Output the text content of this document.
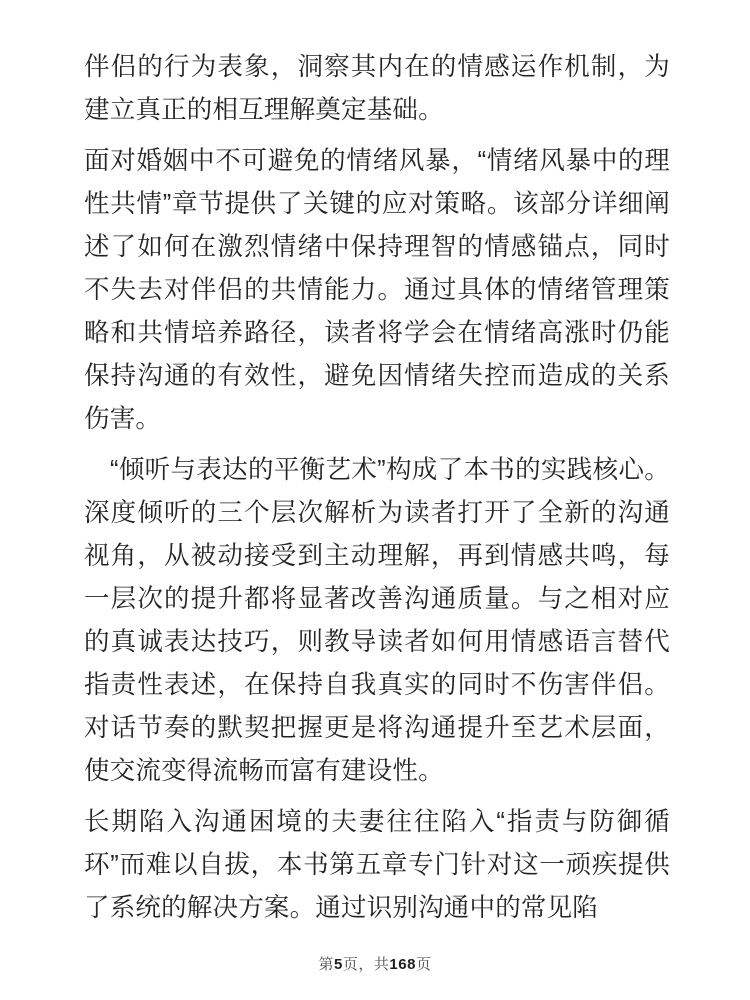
伴侣的行为表象，洞察其内在的情感运作机制，为建立真正的相互理解奠定基础。

面对婚姻中不可避免的情绪风暴，“情绪风暴中的理性共情”章节提供了关键的应对策略。该部分详细阐述了如何在激烈情绪中保持理智的情感锚点，同时不失去对伴侣的共情能力。通过具体的情绪管理策略和共情培养路径，读者将学会在情绪高涨时仍能保持沟通的有效性，避免因情绪失控而造成的关系伤害。

“倾听与表达的平衡艺术”构成了本书的实践核心。深度倾听的三个层次解析为读者打开了全新的沟通视角，从被动接受到主动理解，再到情感共鸣，每一层次的提升都将显著改善沟通质量。与之相对应的真诚表达技巧，则教导读者如何用情感语言替代指责性表述，在保持自我真实的同时不伤害伴侣。对话节奏的默契把握更是将沟通提升至艺术层面，使交流变得流畅而富有建设性。

长期陷入沟通困境的夫妻往往陷入“指责与防御循环”而难以自拔，本书第五章专门针对这一顽疾提供了系统的解决方案。通过识别沟通中的常见陷

第5页，共168页
